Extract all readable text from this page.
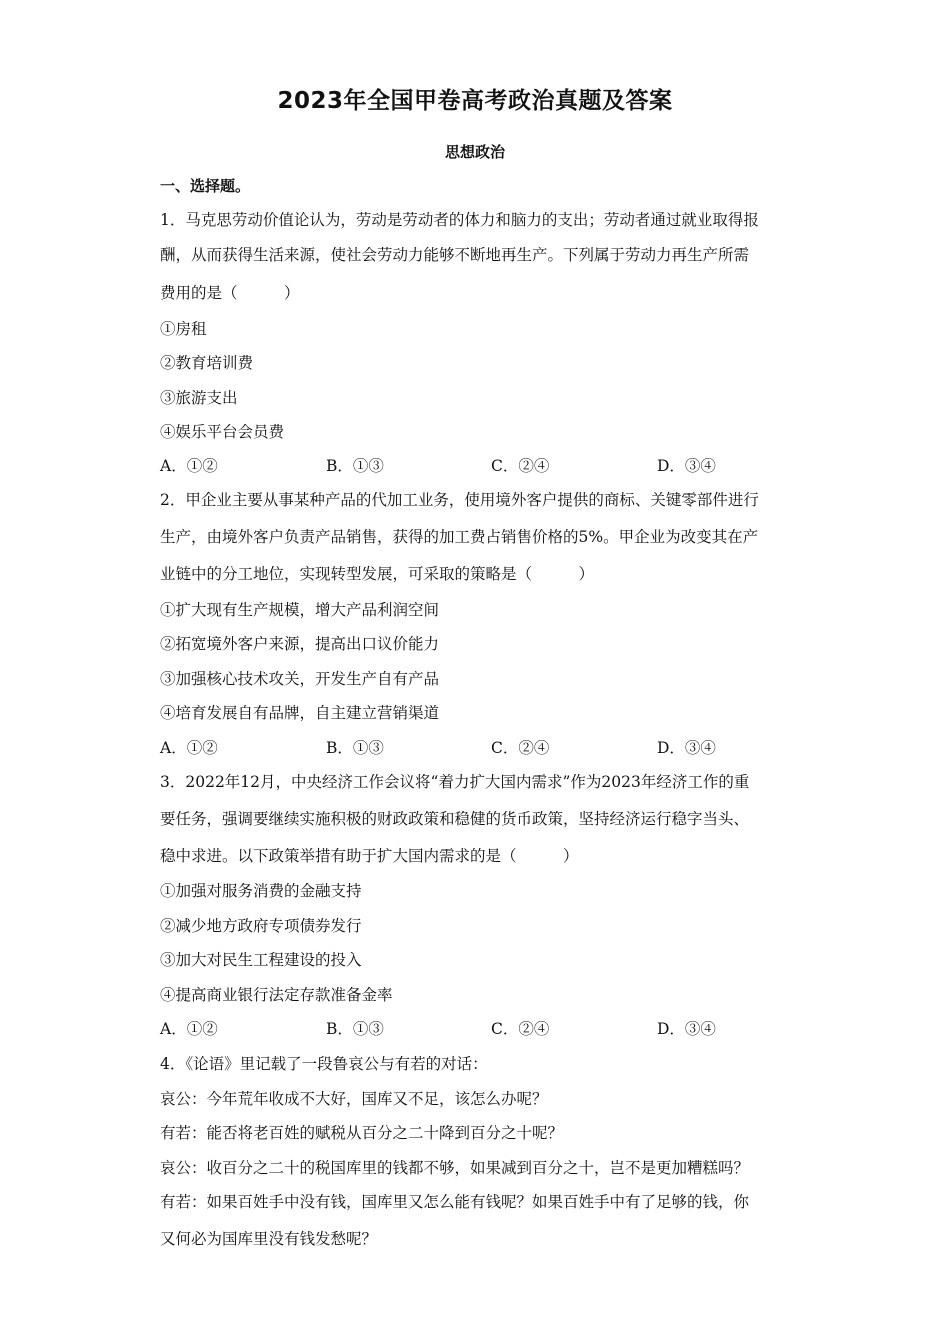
2023年全国甲卷高考政治真题及答案
思想政治
一、选择题。
1．马克思劳动价值论认为，劳动是劳动者的体力和脑力的支出；劳动者通过就业取得报
酬，从而获得生活来源，使社会劳动力能够不断地再生产。下列属于劳动力再生产所需
费用的是（　　　）
①房租
②教育培训费
③旅游支出
④娱乐平台会员费
A．①②	B．①③	C．②④	D．③④
2．甲企业主要从事某种产品的代加工业务，使用境外客户提供的商标、关键零部件进行
生产，由境外客户负责产品销售，获得的加工费占销售价格的5%。甲企业为改变其在产
业链中的分工地位，实现转型发展，可采取的策略是（　　　）
①扩大现有生产规模，增大产品利润空间
②拓宽境外客户来源，提高出口议价能力
③加强核心技术攻关，开发生产自有产品
④培育发展自有品牌，自主建立营销渠道
A．①②	B．①③	C．②④	D．③④
3．2022年12月，中央经济工作会议将“着力扩大国内需求”作为2023年经济工作的重
要任务，强调要继续实施积极的财政政策和稳健的货币政策，坚持经济运行稳字当头、
稳中求进。以下政策举措有助于扩大国内需求的是（　　　）
①加强对服务消费的金融支持
②减少地方政府专项债券发行
③加大对民生工程建设的投入
④提高商业银行法定存款准备金率
A．①②	B．①③	C．②④	D．③④
4．《论语》里记载了一段鲁哀公与有若的对话：
哀公：今年荒年收成不大好，国库又不足，该怎么办呢？
有若：能否将老百姓的赋税从百分之二十降到百分之十呢？
哀公：收百分之二十的税国库里的钱都不够，如果减到百分之十，岂不是更加糟糕吗？
有若：如果百姓手中没有钱，国库里又怎么能有钱呢？如果百姓手中有了足够的钱，你
又何必为国库里没有钱发愁呢？
